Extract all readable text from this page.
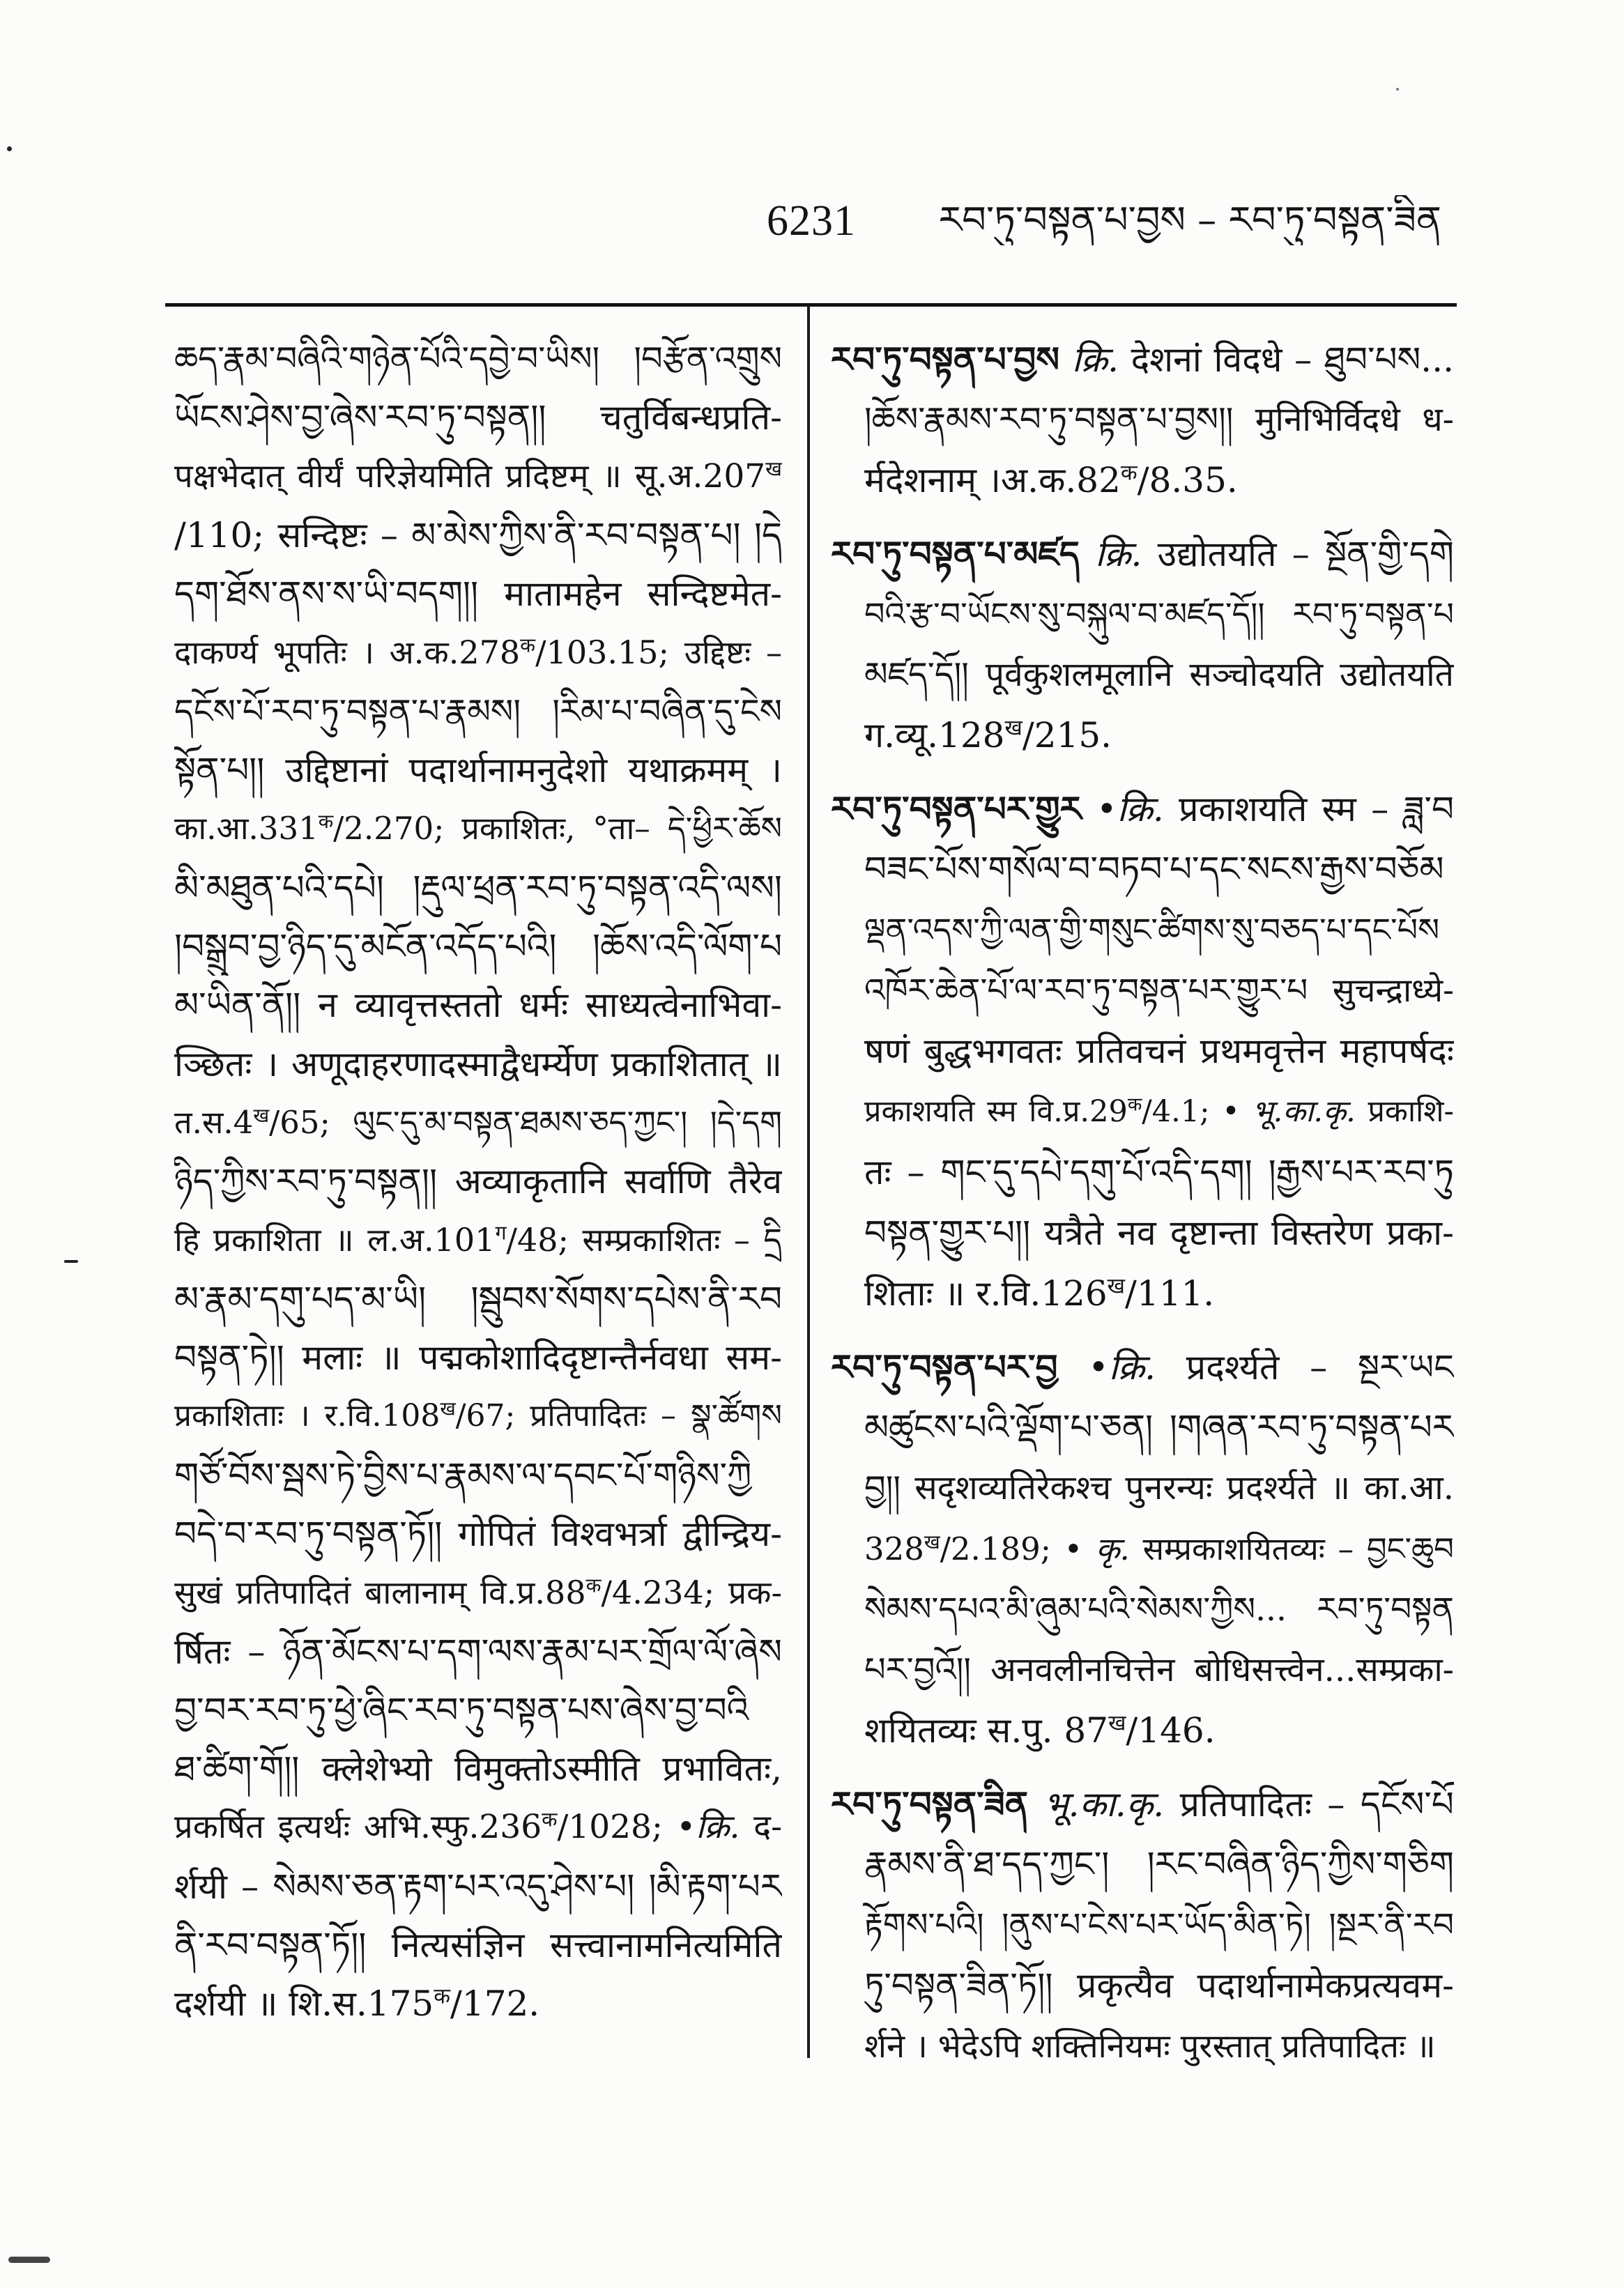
6231	རབ་ཏུ་བསྟན་པ་བྱས – རབ་ཏུ་བསྟན་ཟིན
ཆད་རྣམ་བཞིའི་གཉེན་པོའི་དབྱེ་བ་ཡིས། །བརྩོན་འགྲུས
ཡོངས་ཤེས་བྱ་ཞེས་རབ་ཏུ་བསྟན།། चतुर्विबन्धप्रति-
पक्षभेदात् वीर्यं परिज्ञेयमिति प्रदिष्टम् ॥ $सू.अ.207^ख$
/110; सन्दिष्टः – མ་མེས་ཀྱིས་ནི་རབ་བསྟན་པ། །དེ
དག་ཐོས་ནས་ས་ཡི་བདག།། मातामहेन सन्दिष्टमेत-
दाकर्ण्य भूपतिः । $अ.क.278^क/103.15$; उद्दिष्टः –
དངོས་པོ་རབ་ཏུ་བསྟན་པ་རྣམས། །རིམ་པ་བཞིན་དུ་ངེས
སྟོན་པ།། उद्दिष्टानां पदार्थानामनुदेशो यथाक्रमम् ।
$का.आ.331^क/2.270$; प्रकाशितः, °ता– དེ་ཕྱིར་ཆོས
མི་མཐུན་པའི་དཔེ། །རྡུལ་ཕྲན་རབ་ཏུ་བསྟན་འདི་ལས།
།བསྒྲུབ་བྱ་ཉིད་དུ་མངོན་འདོད་པའི། །ཆོས་འདི་ལོག་པ
མ་ཡིན་ནོ།། न व्यावृत्तस्ततो धर्मः साध्यत्वेनाभिवा-
ञ्छितः । अणूदाहरणादस्माद्वैधर्म्येण प्रकाशितात् ॥
$त.स.4^ख/65$; ལུང་དུ་མ་བསྟན་ཐམས་ཅད་ཀྱང་། །དེ་དག
ཉིད་ཀྱིས་རབ་ཏུ་བསྟན།། अव्याकृतानि सर्वाणि तैरेव
हि प्रकाशिता ॥ $ल.अ.101^ग/48$; सम्प्रकाशितः – དྲི
མ་རྣམ་དགུ་པད་མ་ཡི། །སྦུབས་སོགས་དཔེས་ནི་རབ
བསྟན་ཏེ།། मलाः ॥ पद्मकोशादिदृष्टान्तैर्नवधा सम-
प्रकाशिताः । $र.वि.108^ख/67$; प्रतिपादितः – སྣ་ཚོགས
གཙོ་བོས་སྦས་ཏེ་བྱིས་པ་རྣམས་ལ་དབང་པོ་གཉིས་ཀྱི
བདེ་བ་རབ་ཏུ་བསྟན་ཏོ།། गोपितं विश्वभर्त्रा द्वीन्द्रिय-
सुखं प्रतिपादितं बालानाम् $वि.प्र.88^क/4.234$; प्रक-
र्षितः – ཉོན་མོངས་པ་དག་ལས་རྣམ་པར་གྲོལ་ལོ་ཞེས
བྱ་བར་རབ་ཏུ་ཕྱེ་ཞིང་རབ་ཏུ་བསྟན་པས་ཞེས་བྱ་བའི
ཐ་ཚིག་གོ།། क्लेशेभ्यो विमुक्तोऽस्मीति प्रभावितः,
प्रकर्षित इत्यर्थः $अभि.स्फु.236^क/1028$; •क्रि. द-
र्शयी – སེམས་ཅན་རྟག་པར་འདུ་ཤེས་པ། །མི་རྟག་པར
ནི་རབ་བསྟན་ཏོ།། नित्यसंज्ञिन सत्त्वानामनित्यमिति
दर्शयी ॥ $शि.स.175^क/172$.
རབ་ཏུ་བསྟན་པ་བྱས क्रि. देशनां विदधे – ཐུབ་པས...
།ཆོས་རྣམས་རབ་ཏུ་བསྟན་པ་བྱས།། मुनिभिर्विदधे ध-
र्मदेशनाम् $।अ.क.82^क/8.35$.
རབ་ཏུ་བསྟན་པ་མཛད क्रि. उद्योतयति – སྔོན་གྱི་དགེ
བའི་རྩ་བ་ཡོངས་སུ་བསྐུལ་བ་མཛད་དོ།། རབ་ཏུ་བསྟན་པ
མཛད་དོ།། पूर्वकुशलमूलानि सञ्चोदयति उद्योतयति
$ग.व्यू.128^ख/215$.
རབ་ཏུ་བསྟན་པར་གྱུར •क्रि. प्रकाशयति स्म – ཟླ་བ
བཟང་པོས་གསོལ་བ་བཏབ་པ་དང་སངས་རྒྱས་བཅོམ
ལྡན་འདས་ཀྱི་ལན་གྱི་གསུང་ཚིགས་སུ་བཅད་པ་དང་པོས
འཁོར་ཆེན་པོ་ལ་རབ་ཏུ་བསྟན་པར་གྱུར་པ सुचन्द्राध्ये-
षणं बुद्धभगवतः प्रतिवचनं प्रथमवृत्तेन महापर्षदः
प्रकाशयति स्म $वि.प्र.29^क/4.1$; • भू.का.कृ. प्रकाशि-
तः – གང་དུ་དཔེ་དགུ་པོ་འདི་དག། །རྒྱས་པར་རབ་ཏུ
བསྟན་གྱུར་པ།། यत्रैते नव दृष्टान्ता विस्तरेण प्रका-
शिताः ॥ $र.वि.126^ख/111$.
རབ་ཏུ་བསྟན་པར་བྱ •क्रि. प्रदर्श्यते – སྔར་ཡང
མཚུངས་པའི་ལྡོག་པ་ཅན། །གཞན་རབ་ཏུ་བསྟན་པར
བྱ།། सदृशव्यतिरेकश्च पुनरन्यः प्रदर्श्यते ॥ का.आ.
$328^ख/2.189$; • कृ. सम्प्रकाशयितव्यः – བྱང་ཆུབ
སེམས་དཔའ་མི་ཞུམ་པའི་སེམས་ཀྱིས... རབ་ཏུ་བསྟན
པར་བྱའོ།། अनवलीनचित्तेन बोधिसत्त्वेन...सम्प्रका-
शयितव्यः स.पु. $87^ख/146$.
རབ་ཏུ་བསྟན་ཟིན भू.का.कृ. प्रतिपादितः – དངོས་པོ
རྣམས་ནི་ཐ་དད་ཀྱང་། །རང་བཞིན་ཉིད་ཀྱིས་གཅིག
རྟོགས་པའི། །ནུས་པ་ངེས་པར་ཡོད་མིན་ཏེ། །སྔར་ནི་རབ
ཏུ་བསྟན་ཟིན་ཏོ།། प्रकृत्यैव पदार्थानामेकप्रत्यवम-
र्शने । भेदेऽपि शक्तिनियमः पुरस्तात् प्रतिपादितः ॥
